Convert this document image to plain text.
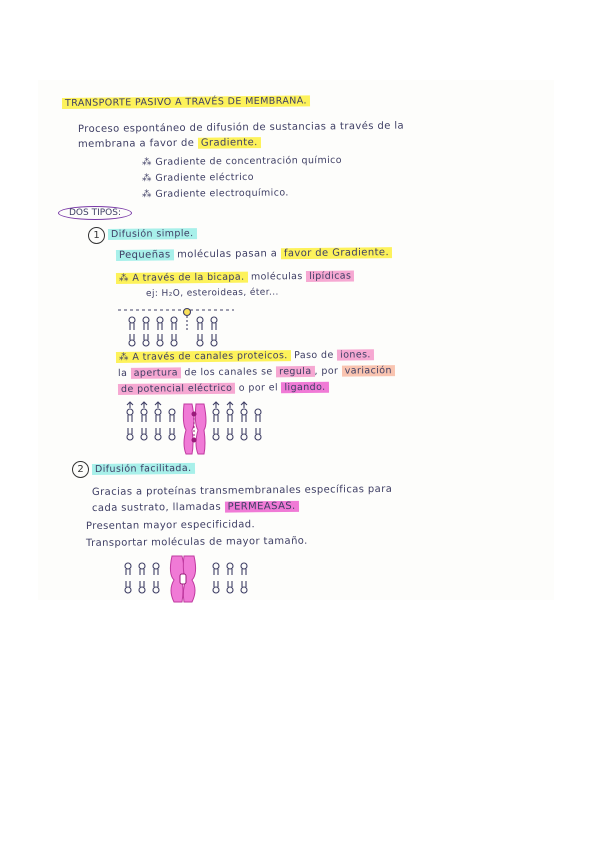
TRANSPORTE PASIVO A TRAVÉS DE MEMBRANA.

Proceso espontáneo de difusión de sustancias a través de la

membrana a favor de Gradiente.

⁂ Gradiente de concentración químico

⁂ Gradiente eléctrico

⁂ Gradiente electroquímico.

DOS TIPOS:
1	Difusión simple.

Pequeñas moléculas pasan a favor de Gradiente.

⁂ A través de la bicapa. moléculas lipídicas

ej: H₂O, esteroideas, éter...

⁂ A través de canales proteicos. Paso de iones.

la apertura de los canales se regula , por variación

de potencial eléctrico o por el ligando.

2	Difusión facilitada.

Gracias a proteínas transmembranales específicas para

cada sustrato, llamadas PERMEASAS.

Presentan mayor especificidad.

Transportar moléculas de mayor tamaño.
